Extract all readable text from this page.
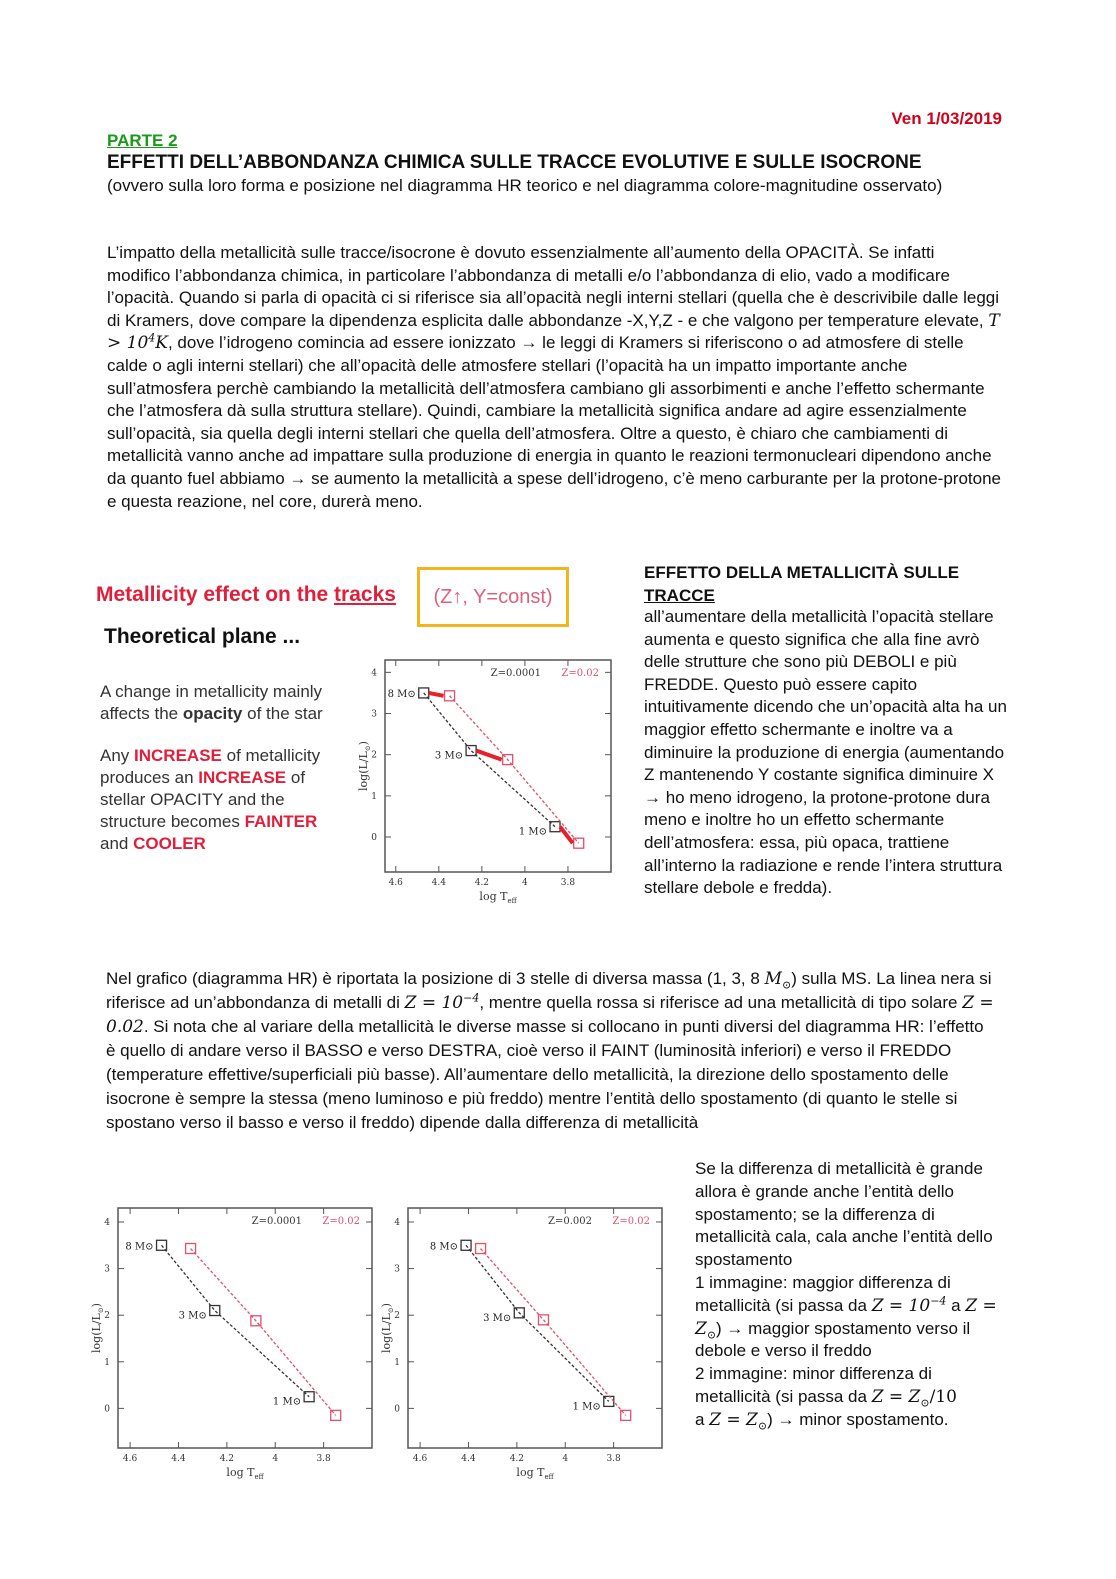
Ven 1/03/2019
PARTE 2
EFFETTI DELL’ABBONDANZA CHIMICA SULLE TRACCE EVOLUTIVE E SULLE ISOCRONE
(ovvero sulla loro forma e posizione nel diagramma HR teorico e nel diagramma colore-magnitudine osservato)
L’impatto della metallicità sulle tracce/isocrone è dovuto essenzialmente all’aumento della OPACITÀ. Se infatti modifico l’abbondanza chimica, in particolare l’abbondanza di metalli e/o l’abbondanza di elio, vado a modificare l’opacità. Quando si parla di opacità ci si riferisce sia all’opacità negli interni stellari (quella che è descrivibile dalle leggi di Kramers, dove compare la dipendenza esplicita dalle abbondanze -X,Y,Z - e che valgono per temperature elevate, $T > 10^4K$, dove l’idrogeno comincia ad essere ionizzato → le leggi di Kramers si riferiscono o ad atmosfere di stelle calde o agli interni stellari) che all’opacità delle atmosfere stellari (l’opacità ha un impatto importante anche sull’atmosfera perchè cambiando la metallicità dell’atmosfera cambiano gli assorbimenti e anche l’effetto schermante che l’atmosfera dà sulla struttura stellare). Quindi, cambiare la metallicità significa andare ad agire essenzialmente sull’opacità, sia quella degli interni stellari che quella dell’atmosfera. Oltre a questo, è chiaro che cambiamenti di metallicità vanno anche ad impattare sulla produzione di energia in quanto le reazioni termonucleari dipendono anche da quanto fuel abbiamo → se aumento la metallicità a spese dell’idrogeno, c’è meno carburante per la protone-protone e questa reazione, nel core, durerà meno.
Metallicity effect on the tracks	(Z↑, Y=const)
Theoretical plane ...
A change in metallicity mainly
affects the opacity of the star
Any INCREASE of metallicity
produces an INCREASE of
stellar OPACITY and the
structure becomes FAINTER
and COOLER
4.6	4.4	4.2	4	3.8
0
1
2
3
4
$\log T_{eff}$
$\log(L/L_⊙)$
Z=0.0001 Z=0.02
8 M⊙
3 M⊙
1 M⊙
EFFETTO DELLA METALLICITÀ SULLE
TRACCE
all’aumentare della metallicità l’opacità stellare aumenta e questo significa che alla fine avrò delle strutture che sono più DEBOLI e più FREDDE. Questo può essere capito intuitivamente dicendo che un’opacità alta ha un maggior effetto schermante e inoltre va a diminuire la produzione di energia (aumentando Z mantenendo Y costante significa diminuire X → ho meno idrogeno, la protone-protone dura meno e inoltre ho un effetto schermante dell’atmosfera: essa, più opaca, trattiene all’interno la radiazione e rende l’intera struttura stellare debole e fredda).
Nel grafico (diagramma HR) è riportata la posizione di 3 stelle di diversa massa (1, 3, 8 $M_⊙$) sulla MS. La linea nera si riferisce ad un’abbondanza di metalli di $Z = 10^{-4}$, mentre quella rossa si riferisce ad una metallicità di tipo solare Z = 0.02. Si nota che al variare della metallicità le diverse masse si collocano in punti diversi del diagramma HR: l’effetto è quello di andare verso il BASSO e verso DESTRA, cioè verso il FAINT (luminosità inferiori) e verso il FREDDO (temperature effettive/superficiali più basse). All’aumentare dello metallicità, la direzione dello spostamento delle isocrone è sempre la stessa (meno luminoso e più freddo) mentre l’entità dello spostamento (di quanto le stelle si spostano verso il basso e verso il freddo) dipende dalla differenza di metallicità
4.6	4.4	4.2	4	3.8
0
1
2
3
4
$\log T_{eff}$
$\log(L/L_⊙)$
Z=0.0001 Z=0.02
8 M⊙
3 M⊙
1 M⊙
4.6	4.4	4.2	4	3.8
0
1
2
3
4
$\log T_{eff}$
$\log(L/L_⊙)$
Z=0.002 Z=0.02
8 M⊙
3 M⊙
1 M⊙
Se la differenza di metallicità è grande allora è grande anche l’entità dello spostamento; se la differenza di metallicità cala, cala anche l’entità dello spostamento
1 immagine: maggior differenza di metallicità (si passa da $Z = 10^{-4}$ a $Z = Z_⊙$) → maggior spostamento verso il debole e verso il freddo
2 immagine: minor differenza di metallicità (si passa da $Z = Z_⊙/10$
a $Z = Z_⊙$) → minor spostamento.
